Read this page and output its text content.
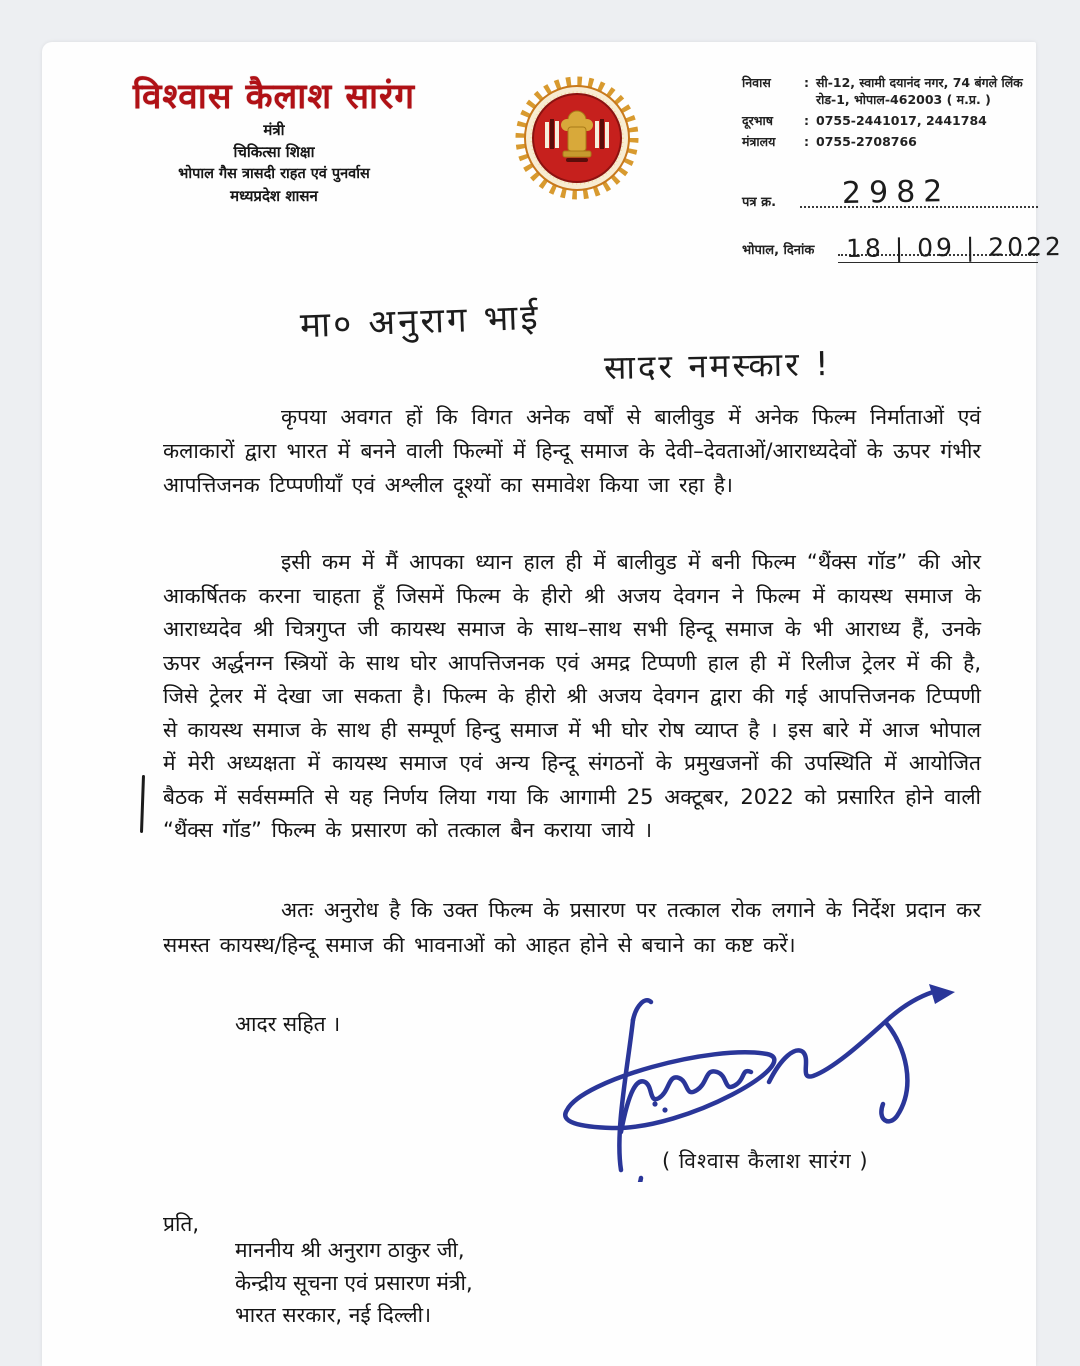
विश्वास कैलाश सारंग
मंत्री
चिकित्सा शिक्षा
भोपाल गैस त्रासदी राहत एवं पुनर्वास
मध्यप्रदेश शासन
निवास	: सी-12, स्वामी दयानंद नगर, 74 बंगले लिंक रोड-1, भोपाल-462003 ( म.प्र. )
दूरभाष	: 0755-2441017, 2441784
मंत्रालय	: 0755-2708766
पत्र क्र. 2982
भोपाल, दिनांक 18 | 09 | 2022
मा० अनुराग भाई
सादर नमस्कार !
कृपया अवगत हों कि विगत अनेक वर्षों से बालीवुड में अनेक फिल्म निर्माताओं एवं कलाकारों द्वारा भारत में बनने वाली फिल्मों में हिन्दू समाज के देवी–देवताओं/आराध्यदेवों के ऊपर गंभीर आपत्तिजनक टिप्पणीयाँ एवं अश्लील दूश्यों का समावेश किया जा रहा है।
इसी कम में मैं आपका ध्यान हाल ही में बालीवुड में बनी फिल्म “थैंक्स गॉड” की ओर आकर्षितक करना चाहता हूँ जिसमें फिल्म के हीरो श्री अजय देवगन ने फिल्म में कायस्थ समाज के आराध्यदेव श्री चित्रगुप्त जी कायस्थ समाज के साथ–साथ सभी हिन्दू समाज के भी आराध्य हैं, उनके ऊपर अर्द्धनग्न स्त्रियों के साथ घोर आपत्तिजनक एवं अमद्र टिप्पणी हाल ही में रिलीज ट्रेलर में की है, जिसे ट्रेलर में देखा जा सकता है। फिल्म के हीरो श्री अजय देवगन द्वारा की गई आपत्तिजनक टिप्पणी से कायस्थ समाज के साथ ही सम्पूर्ण हिन्दु समाज में भी घोर रोष व्याप्त है । इस बारे में आज भोपाल में मेरी अध्यक्षता में कायस्थ समाज एवं अन्य हिन्दू संगठनों के प्रमुखजनों की उपस्थिति में आयोजित बैठक में सर्वसम्मति से यह निर्णय लिया गया कि आगामी 25 अक्टूबर, 2022 को प्रसारित होने वाली “थैंक्स गॉड” फिल्म के प्रसारण को तत्काल बैन कराया जाये ।
अतः अनुरोध है कि उक्त फिल्म के प्रसारण पर तत्काल रोक लगाने के निर्देश प्रदान कर समस्त कायस्थ/हिन्दू समाज की भावनाओं को आहत होने से बचाने का कष्ट करें।
आदर सहित ।
( विश्वास कैलाश सारंग )
प्रति,
माननीय श्री अनुराग ठाकुर जी,
केन्द्रीय सूचना एवं प्रसारण मंत्री,
भारत सरकार, नई दिल्ली।
